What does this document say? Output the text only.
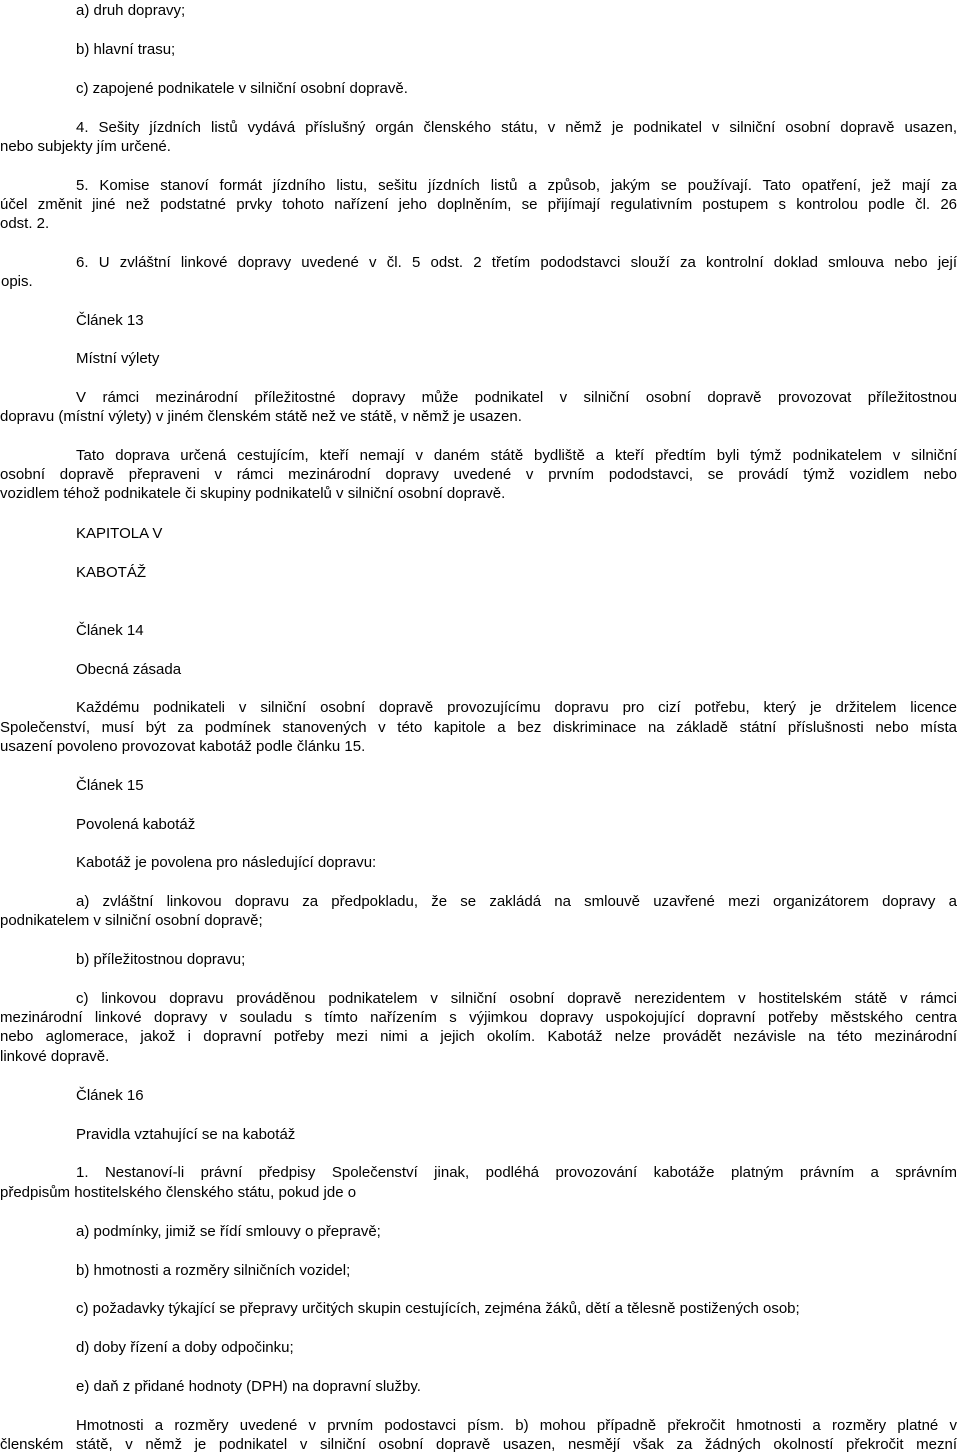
a) druh dopravy;
b) hlavní trasu;
c) zapojené podnikatele v silniční osobní dopravě.
4. Sešity jízdních listů vydává příslušný orgán členského státu, v němž je podnikatel v silniční osobní dopravě usazen,
nebo subjekty jím určené.
5. Komise stanoví formát jízdního listu, sešitu jízdních listů a způsob, jakým se používají. Tato opatření, jež mají za
účel změnit jiné než podstatné prvky tohoto nařízení jeho doplněním, se přijímají regulativním postupem s kontrolou podle čl. 26
odst. 2.
6. U zvláštní linkové dopravy uvedené v čl. 5 odst. 2 třetím pododstavci slouží za kontrolní doklad smlouva nebo její
opis.
Článek 13
Místní výlety
V rámci mezinárodní příležitostné dopravy může podnikatel v silniční osobní dopravě provozovat příležitostnou
dopravu (místní výlety) v jiném členském státě než ve státě, v němž je usazen.
Tato doprava určená cestujícím, kteří nemají v daném státě bydliště a kteří předtím byli týmž podnikatelem v silniční
osobní dopravě přepraveni v rámci mezinárodní dopravy uvedené v prvním pododstavci, se provádí týmž vozidlem nebo
vozidlem téhož podnikatele či skupiny podnikatelů v silniční osobní dopravě.
KAPITOLA V
KABOTÁŽ
Článek 14
Obecná zásada
Každému podnikateli v silniční osobní dopravě provozujícímu dopravu pro cizí potřebu, který je držitelem licence
Společenství, musí být za podmínek stanovených v této kapitole a bez diskriminace na základě státní příslušnosti nebo místa
usazení povoleno provozovat kabotáž podle článku 15.
Článek 15
Povolená kabotáž
Kabotáž je povolena pro následující dopravu:
a) zvláštní linkovou dopravu za předpokladu, že se zakládá na smlouvě uzavřené mezi organizátorem dopravy a
podnikatelem v silniční osobní dopravě;
b) příležitostnou dopravu;
c) linkovou dopravu prováděnou podnikatelem v silniční osobní dopravě nerezidentem v hostitelském státě v rámci
mezinárodní linkové dopravy v souladu s tímto nařízením s výjimkou dopravy uspokojující dopravní potřeby městského centra
nebo aglomerace, jakož i dopravní potřeby mezi nimi a jejich okolím. Kabotáž nelze provádět nezávisle na této mezinárodní
linkové dopravě.
Článek 16
Pravidla vztahující se na kabotáž
1. Nestanoví-li právní předpisy Společenství jinak, podléhá provozování kabotáže platným právním a správním
předpisům hostitelského členského státu, pokud jde o
a) podmínky, jimiž se řídí smlouvy o přepravě;
b) hmotnosti a rozměry silničních vozidel;
c) požadavky týkající se přepravy určitých skupin cestujících, zejména žáků, dětí a tělesně postižených osob;
d) doby řízení a doby odpočinku;
e) daň z přidané hodnoty (DPH) na dopravní služby.
Hmotnosti a rozměry uvedené v prvním podostavci písm. b) mohou případně překročit hmotnosti a rozměry platné v
členském státě, v němž je podnikatel v silniční osobní dopravě usazen, nesmějí však za žádných okolností překročit mezní
